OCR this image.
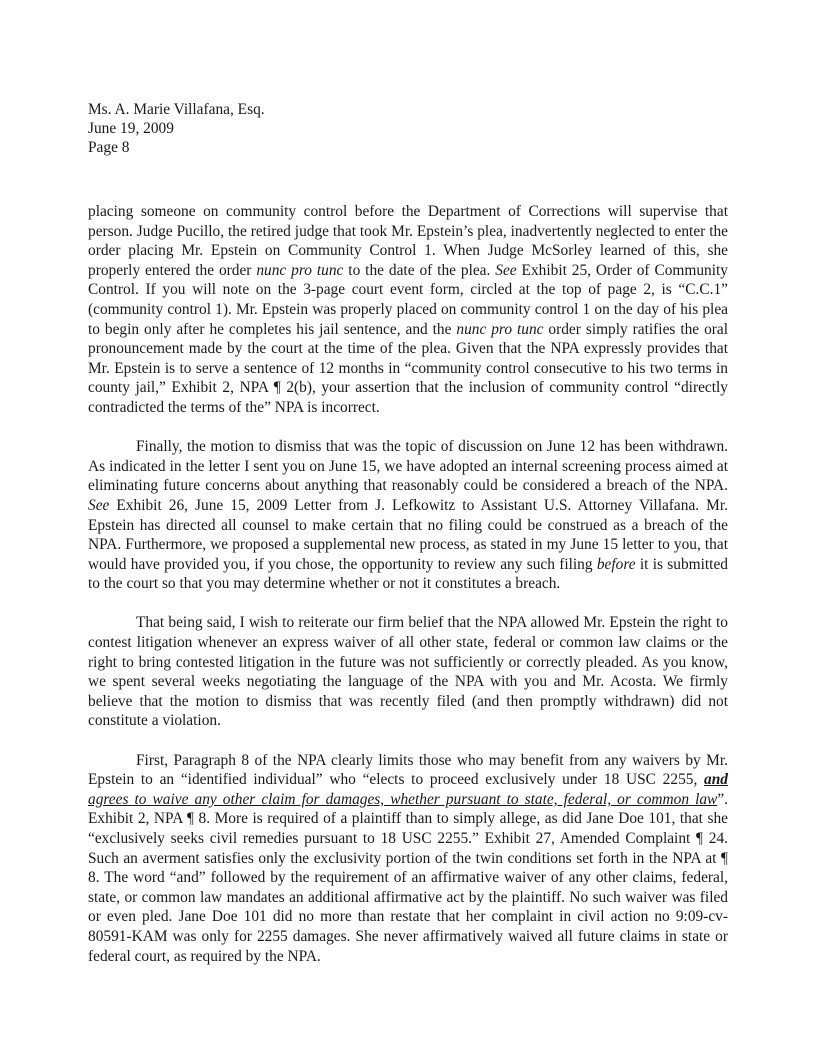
Ms. A. Marie Villafana, Esq.
June 19, 2009
Page 8

placing someone on community control before the Department of Corrections will supervise that person. Judge Pucillo, the retired judge that took Mr. Epstein’s plea, inadvertently neglected to enter the order placing Mr. Epstein on Community Control 1. When Judge McSorley learned of this, she properly entered the order nunc pro tunc to the date of the plea. See Exhibit 25, Order of Community Control. If you will note on the 3-page court event form, circled at the top of page 2, is “C.C.1” (community control 1). Mr. Epstein was properly placed on community control 1 on the day of his plea to begin only after he completes his jail sentence, and the nunc pro tunc order simply ratifies the oral pronouncement made by the court at the time of the plea. Given that the NPA expressly provides that Mr. Epstein is to serve a sentence of 12 months in “community control consecutive to his two terms in county jail,” Exhibit 2, NPA ¶ 2(b), your assertion that the inclusion of community control “directly contradicted the terms of the” NPA is incorrect.

Finally, the motion to dismiss that was the topic of discussion on June 12 has been withdrawn. As indicated in the letter I sent you on June 15, we have adopted an internal screening process aimed at eliminating future concerns about anything that reasonably could be considered a breach of the NPA. See Exhibit 26, June 15, 2009 Letter from J. Lefkowitz to Assistant U.S. Attorney Villafana. Mr. Epstein has directed all counsel to make certain that no filing could be construed as a breach of the NPA. Furthermore, we proposed a supplemental new process, as stated in my June 15 letter to you, that would have provided you, if you chose, the opportunity to review any such filing before it is submitted to the court so that you may determine whether or not it constitutes a breach.

That being said, I wish to reiterate our firm belief that the NPA allowed Mr. Epstein the right to contest litigation whenever an express waiver of all other state, federal or common law claims or the right to bring contested litigation in the future was not sufficiently or correctly pleaded. As you know, we spent several weeks negotiating the language of the NPA with you and Mr. Acosta. We firmly believe that the motion to dismiss that was recently filed (and then promptly withdrawn) did not constitute a violation.

First, Paragraph 8 of the NPA clearly limits those who may benefit from any waivers by Mr. Epstein to an “identified individual” who “elects to proceed exclusively under 18 USC 2255, and agrees to waive any other claim for damages, whether pursuant to state, federal, or common law”. Exhibit 2, NPA ¶ 8. More is required of a plaintiff than to simply allege, as did Jane Doe 101, that she “exclusively seeks civil remedies pursuant to 18 USC 2255.” Exhibit 27, Amended Complaint ¶ 24. Such an averment satisfies only the exclusivity portion of the twin conditions set forth in the NPA at ¶ 8. The word “and” followed by the requirement of an affirmative waiver of any other claims, federal, state, or common law mandates an additional affirmative act by the plaintiff. No such waiver was filed or even pled. Jane Doe 101 did no more than restate that her complaint in civil action no 9:09-cv-80591-KAM was only for 2255 damages. She never affirmatively waived all future claims in state or federal court, as required by the NPA.
